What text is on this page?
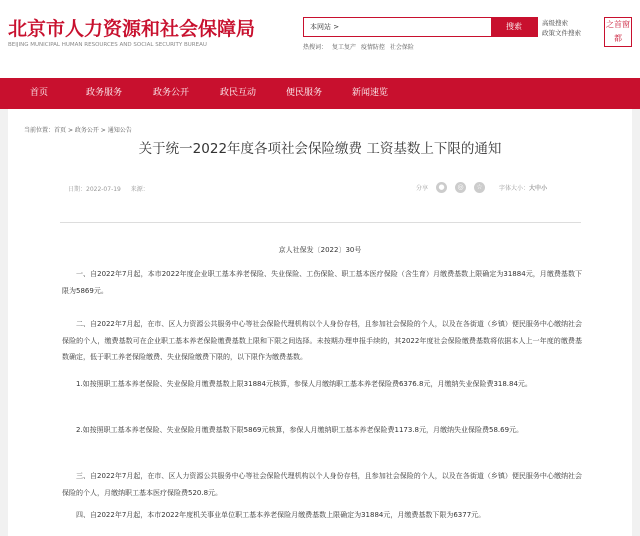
北京市人力资源和社会保障局
BEIJING MUNICIPAL HUMAN RESOURCES AND SOCIAL SECURITY BUREAU
本网站 >
搜索
热搜词： 复工复产 疫情防控 社会保险
高级搜索
政策文件搜索
之 首 窗
都
首页	政务服务	政务公开	政民互动	便民服务	新闻速览
当前位置：首页 > 政务公开 > 通知公告
关于统一2022年度各项社会保险缴费 工资基数上下限的通知
日期：2022-07-19 来源：	分享	●	◎	☆	字体大小： 大 中 小
京人社保发〔2022〕30号

一、自2022年7月起，本市2022年度企业职工基本养老保险、失业保险、工伤保险、职工基本医疗保险（含生育）月缴费基数上限确定为31884元，月缴费基数下限为5869元。

二、自2022年7月起，在市、区人力资源公共服务中心等社会保险代理机构以个人身份存档，且参加社会保险的个人，以及在各街道（乡镇）便民服务中心缴纳社会保险的个人，缴费基数可在企业职工基本养老保险缴费基数上限和下限之间选择。未按期办理申报手续的，其2022年度社会保险缴费基数将依据本人上一年度的缴费基数确定，低于职工养老保险缴费、失业保险缴费下限的，以下限作为缴费基数。

1.如按照职工基本养老保险、失业保险月缴费基数上限31884元核算，参保人月缴纳职工基本养老保险费6376.8元，月缴纳失业保险费318.84元。

2.如按照职工基本养老保险、失业保险月缴费基数下限5869元核算，参保人月缴纳职工基本养老保险费1173.8元，月缴纳失业保险费58.69元。

三、自2022年7月起，在市、区人力资源公共服务中心等社会保险代理机构以个人身份存档，且参加社会保险的个人，以及在各街道（乡镇）便民服务中心缴纳社会保险的个人，月缴纳职工基本医疗保险费520.8元。

四、自2022年7月起，本市2022年度机关事业单位职工基本养老保险月缴费基数上限确定为31884元，月缴费基数下限为6377元。
